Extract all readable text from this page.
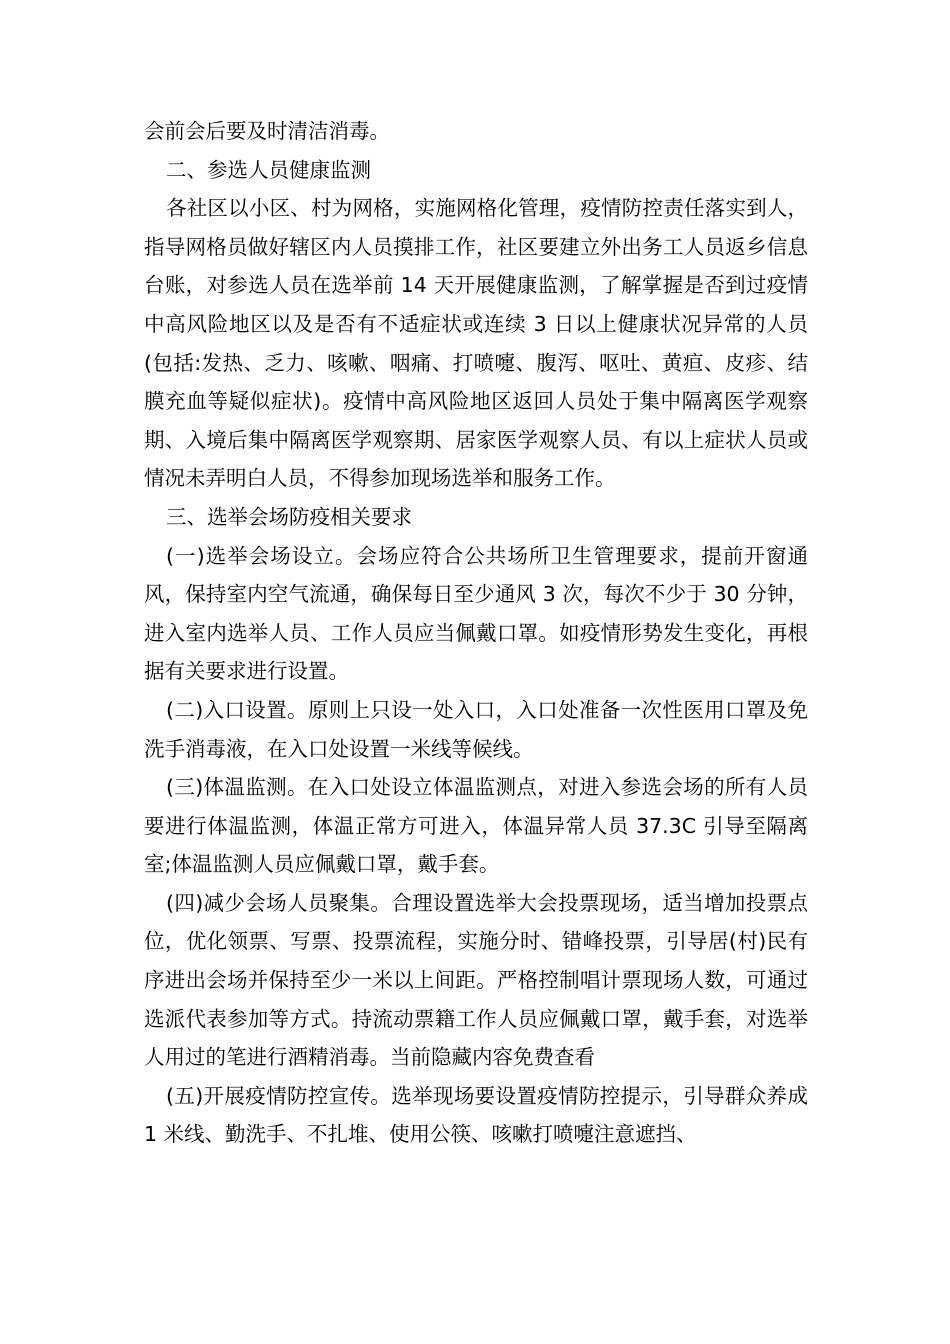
会前会后要及时清洁消毒。

二、参选人员健康监测

各社区以小区、村为网格，实施网格化管理，疫情防控责任落实到人，指导网格员做好辖区内人员摸排工作，社区要建立外出务工人员返乡信息台账，对参选人员在选举前 14 天开展健康监测，了解掌握是否到过疫情中高风险地区以及是否有不适症状或连续 3 日以上健康状况异常的人员(包括:发热、乏力、咳嗽、咽痛、打喷嚏、腹泻、呕吐、黄疸、皮疹、结膜充血等疑似症状)。疫情中高风险地区返回人员处于集中隔离医学观察期、入境后集中隔离医学观察期、居家医学观察人员、有以上症状人员或情况未弄明白人员，不得参加现场选举和服务工作。

三、选举会场防疫相关要求

(一)选举会场设立。会场应符合公共场所卫生管理要求，提前开窗通风，保持室内空气流通，确保每日至少通风 3 次，每次不少于 30 分钟，进入室内选举人员、工作人员应当佩戴口罩。如疫情形势发生变化，再根据有关要求进行设置。

(二)入口设置。原则上只设一处入口，入口处准备一次性医用口罩及免洗手消毒液，在入口处设置一米线等候线。

(三)体温监测。在入口处设立体温监测点，对进入参选会场的所有人员要进行体温监测，体温正常方可进入，体温异常人员 37.3C 引导至隔离室;体温监测人员应佩戴口罩，戴手套。

(四)减少会场人员聚集。合理设置选举大会投票现场，适当增加投票点位，优化领票、写票、投票流程，实施分时、错峰投票，引导居(村)民有序进出会场并保持至少一米以上间距。严格控制唱计票现场人数，可通过选派代表参加等方式。持流动票籍工作人员应佩戴口罩，戴手套，对选举人用过的笔进行酒精消毒。当前隐藏内容免费查看

(五)开展疫情防控宣传。选举现场要设置疫情防控提示，引导群众养成 1 米线、勤洗手、不扎堆、使用公筷、咳嗽打喷嚏注意遮挡、
